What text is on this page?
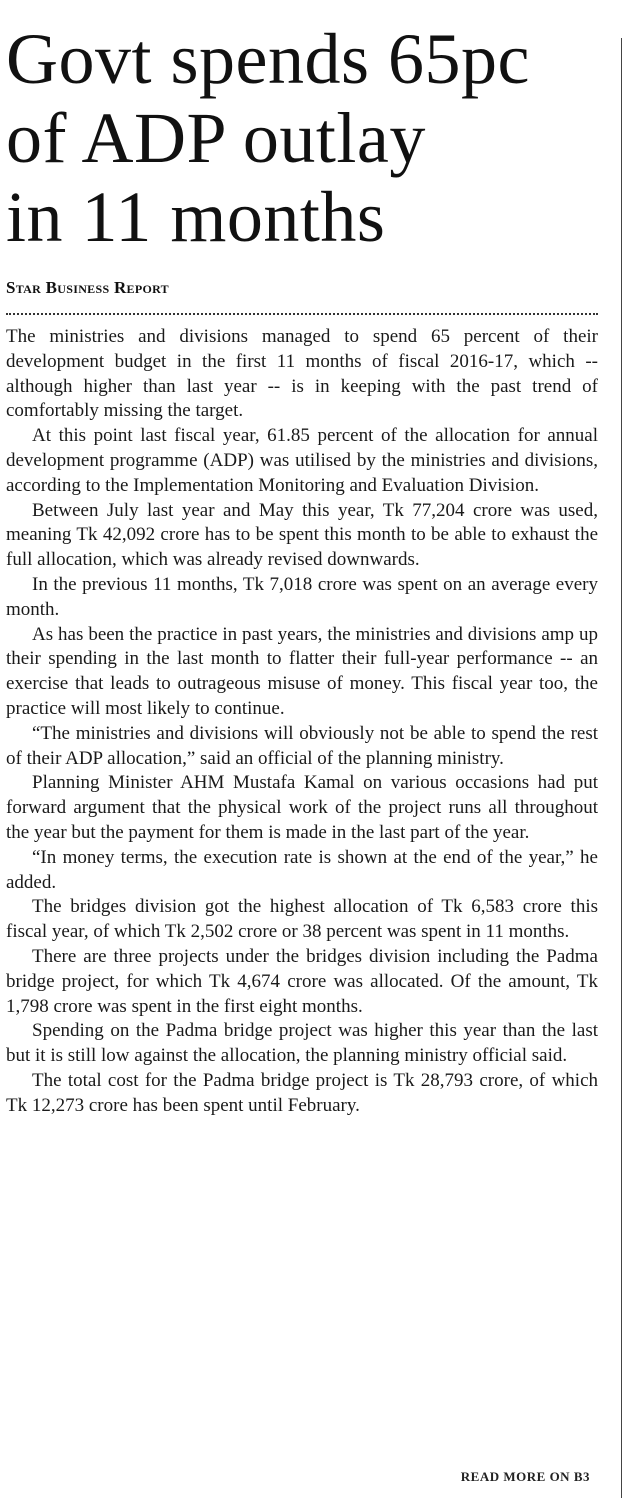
Govt spends 65pc
of ADP outlay
in 11 months
Star Business Report

The ministries and divisions managed to spend 65 percent of their development budget in the first 11 months of fiscal 2016-17, which -- although higher than last year -- is in keeping with the past trend of comfortably missing the target.

At this point last fiscal year, 61.85 percent of the allocation for annual development programme (ADP) was utilised by the ministries and divisions, according to the Implementation Monitoring and Evaluation Division.

Between July last year and May this year, Tk 77,204 crore was used, meaning Tk 42,092 crore has to be spent this month to be able to exhaust the full allocation, which was already revised downwards.

In the previous 11 months, Tk 7,018 crore was spent on an average every month.

As has been the practice in past years, the ministries and divisions amp up their spending in the last month to flatter their full-year performance -- an exercise that leads to outrageous misuse of money. This fiscal year too, the practice will most likely to continue.

“The ministries and divisions will obviously not be able to spend the rest of their ADP allocation,” said an official of the planning ministry.

Planning Minister AHM Mustafa Kamal on various occasions had put forward argument that the physical work of the project runs all throughout the year but the payment for them is made in the last part of the year.

“In money terms, the execution rate is shown at the end of the year,” he added.

The bridges division got the highest allocation of Tk 6,583 crore this fiscal year, of which Tk 2,502 crore or 38 percent was spent in 11 months.

There are three projects under the bridges division including the Padma bridge project, for which Tk 4,674 crore was allocated. Of the amount, Tk 1,798 crore was spent in the first eight months.

Spending on the Padma bridge project was higher this year than the last but it is still low against the allocation, the planning ministry official said.

The total cost for the Padma bridge project is Tk 28,793 crore, of which Tk 12,273 crore has been spent until February.

READ MORE ON B3
